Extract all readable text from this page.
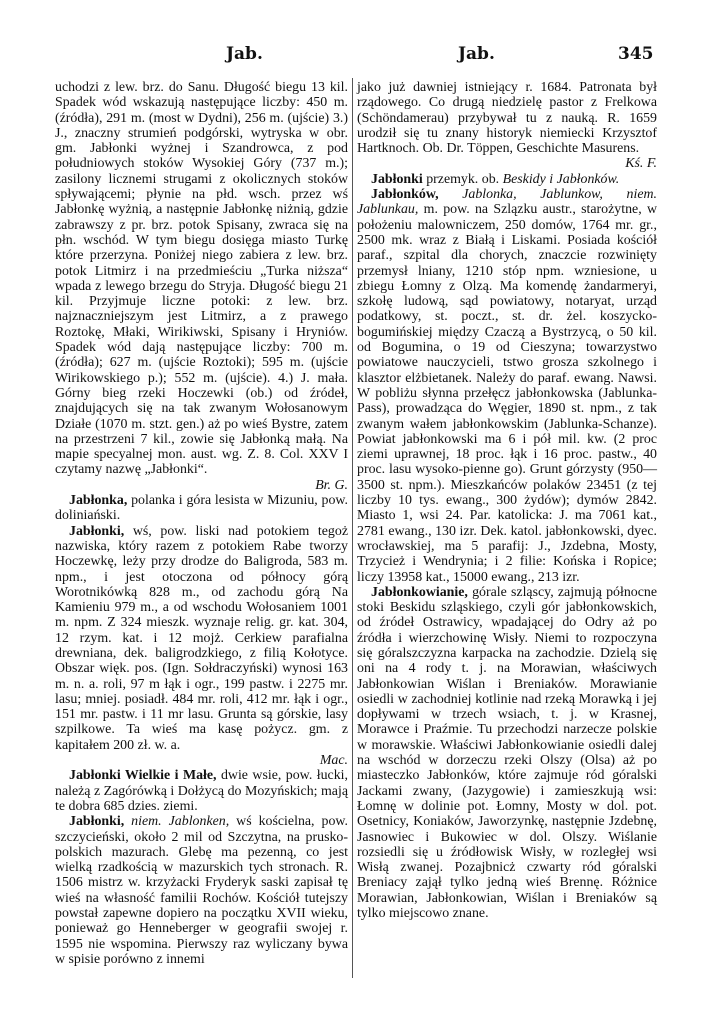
Jab.	Jab.	345

uchodzi z lew. brz. do Sanu. Długość biegu 13 kil. Spadek wód wskazują następujące liczby: 450 m. (źródła), 291 m. (most w Dydni), 256 m. (ujście) 3.) J., znaczny strumień podgórski, wytryska w obr. gm. Jabłonki wyżnej i Szandrowca, z pod południowych stoków Wysokiej Góry (737 m.); zasilony licznemi strugami z okolicznych stoków spływającemi; płynie na płd. wsch. przez wś Jabłonkę wyżnią, a następnie Jabłonkę niżnią, gdzie zabrawszy z pr. brz. potok Spisany, zwraca się na płn. wschód. W tym biegu dosięga miasto Turkę które przerzyna. Poniżej niego zabiera z lew. brz. potok Litmirz i na przedmieściu „Turka niższa“ wpada z lewego brzegu do Stryja. Długość biegu 21 kil. Przyjmuje liczne potoki: z lew. brz. najznaczniejszym jest Litmirz, a z prawego Roztokę, Młaki, Wirikiwski, Spisany i Hryniów. Spadek wód dają następujące liczby: 700 m. (źródła); 627 m. (ujście Roztoki); 595 m. (ujście Wirikowskiego p.); 552 m. (ujście). 4.) J. mała. Górny bieg rzeki Hoczewki (ob.) od źródeł, znajdujących się na tak zwanym Wołosanowym Działe (1070 m. stzt. gen.) aż po wieś Bystre, zatem na przestrzeni 7 kil., zowie się Jabłonką małą. Na mapie specyalnej mon. aust. wg. Z. 8. Col. XXV I czytamy nazwę „Jabłonki“.
Br. G.

Jabłonka, polanka i góra lesista w Mizuniu, pow. doliniański.

Jabłonki, wś, pow. liski nad potokiem tegoż nazwiska, który razem z potokiem Rabe tworzy Hoczewkę, leży przy drodze do Baligroda, 583 m. npm., i jest otoczona od północy górą Worotnikówką 828 m., od zachodu górą Na Kamieniu 979 m., a od wschodu Wołosaniem 1001 m. npm. Z 324 mieszk. wyznaje relig. gr. kat. 304, 12 rzym. kat. i 12 mojż. Cerkiew parafialna drewniana, dek. baligrodzkiego, z filią Kołotyce. Obszar więk. pos. (Ign. Sołdraczyński) wynosi 163 m. n. a. roli, 97 m łąk i ogr., 199 pastw. i 2275 mr. lasu; mniej. posiadł. 484 mr. roli, 412 mr. łąk i ogr., 151 mr. pastw. i 11 mr lasu. Grunta są górskie, lasy szpilkowe. Ta wieś ma kasę pożycz. gm. z kapitałem 200 zł. w. a.
Mac.

Jabłonki Wielkie i Małe, dwie wsie, pow. łucki, należą z Zagórówką i Dołżycą do Mozyńskich; mają te dobra 685 dzies. ziemi.

Jabłonki, niem. Jablonken, wś kościelna, pow. szczycieński, około 2 mil od Szczytna, na prusko-polskich mazurach. Glebę ma pezenną, co jest wielką rzadkością w mazurskich tych stronach. R. 1506 mistrz w. krzyżacki Fryderyk saski zapisał tę wieś na własność familii Rochów. Kościół tutejszy powstał zapewne dopiero na początku XVII wieku, ponieważ go Henneberger w geografii swojej r. 1595 nie wspomina. Pierwszy raz wyliczany bywa w spisie porówno z innemi

jako już dawniej istniejący r. 1684. Patronata był rządowego. Co drugą niedzielę pastor z Frelkowa (Schöndamerau) przybywał tu z nauką. R. 1659 urodził się tu znany historyk niemiecki Krzysztof Hartknoch. Ob. Dr. Töppen, Geschichte Masurens.
Kś. F.

Jabłonki przemyk. ob. Beskidy i Jabłonków.

Jabłonków, Jablonka, Jablunkow, niem. Jablunkau, m. pow. na Szlązku austr., starożytne, w położeniu malowniczem, 250 domów, 1764 mr. gr., 2500 mk. wraz z Białą i Liskami. Posiada kościół paraf., szpital dla chorych, znaczcie rozwinięty przemysł lniany, 1210 stóp npm. wzniesione, u zbiegu Łomny z Olzą. Ma komendę żandarmeryi, szkołę ludową, sąd powiatowy, notaryat, urząd podatkowy, st. poczt., st. dr. żel. koszycko-bogumińskiej między Czaczą a Bystrzycą, o 50 kil. od Bogumina, o 19 od Cieszyna; towarzystwo powiatowe nauczycieli, tstwo grosza szkolnego i klasztor elżbietanek. Należy do paraf. ewang. Nawsi. W pobliżu słynna przełęcz jabłonkowska (Jablunka-Pass), prowadząca do Węgier, 1890 st. npm., z tak zwanym wałem jabłonkowskim (Jablunka-Schanze). Powiat jabłonkowski ma 6 i pół mil. kw. (2 proc ziemi uprawnej, 18 proc. łąk i 16 proc. pastw., 40 proc. lasu wysoko-pienne go). Grunt górzysty (950—3500 st. npm.). Mieszkańców polaków 23451 (z tej liczby 10 tys. ewang., 300 żydów); dymów 2842. Miasto 1, wsi 24. Par. katolicka: J. ma 7061 kat., 2781 ewang., 130 izr. Dek. katol. jabłonkowski, dyec. wrocławskiej, ma 5 parafij: J., Jzdebna, Mosty, Trzycież i Wendrynia; i 2 filie: Końska i Ropice; liczy 13958 kat., 15000 ewang., 213 izr.

Jabłonkowianie, górale szląscy, zajmują północne stoki Beskidu szląskiego, czyli gór jabłonkowskich, od źródeł Ostrawicy, wpadającej do Odry aż po źródła i wierzchowinę Wisły. Niemi to rozpoczyna się góralszczyzna karpacka na zachodzie. Dzielą się oni na 4 rody t. j. na Morawian, właściwych Jabłonkowian Wiślan i Breniaków. Morawianie osiedli w zachodniej kotlinie nad rzeką Morawką i jej dopływami w trzech wsiach, t. j. w Krasnej, Morawce i Praźmie. Tu przechodzi narzecze polskie w morawskie. Właściwi Jabłonkowianie osiedli dalej na wschód w dorzeczu rzeki Olszy (Olsa) aż po miasteczko Jabłonków, które zajmuje ród góralski Jackami zwany, (Jazygowie) i zamieszkują wsi: Łomnę w dolinie pot. Łomny, Mosty w dol. pot. Osetnicy, Koniaków, Jaworzynkę, następnie Jzdebnę, Jasnowiec i Bukowiec w dol. Olszy. Wiślanie rozsiedli się u źródłowisk Wisły, w rozległej wsi Wisłą zwanej. Pozajbnicż czwarty ród góralski Breniacy zajął tylko jedną wieś Brennę. Różnice Morawian, Jabłonkowian, Wiślan i Breniaków są tylko miejscowo znane.
